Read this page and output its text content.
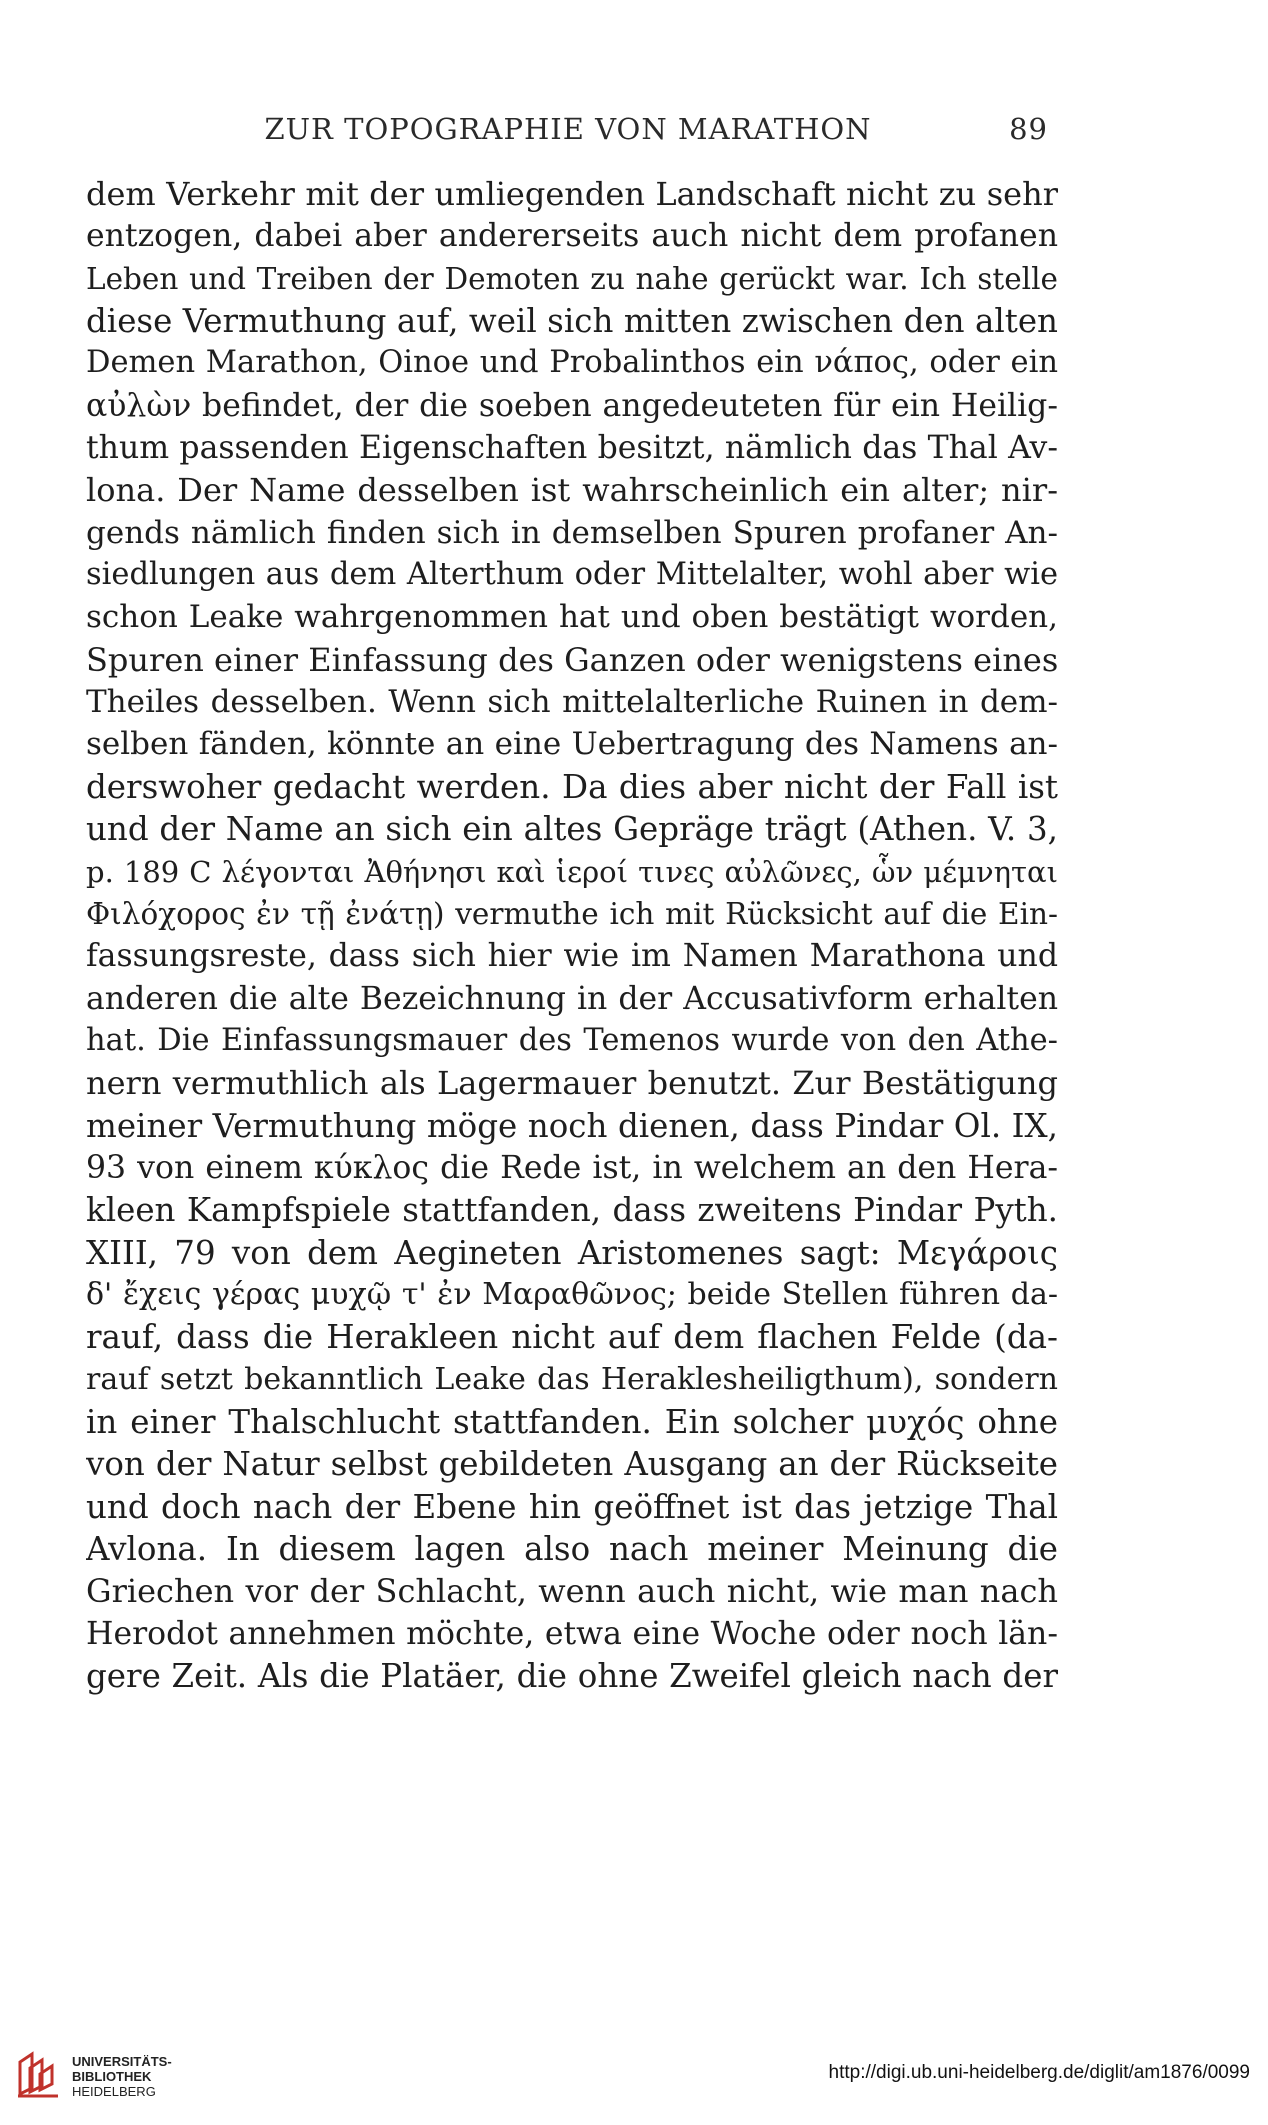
ZUR TOPOGRAPHIE VON MARATHON	89
dem Verkehr mit der umliegenden Landschaft nicht zu sehr
entzogen, dabei aber andererseits auch nicht dem profanen
Leben und Treiben der Demoten zu nahe gerückt war. Ich stelle
diese Vermuthung auf, weil sich mitten zwischen den alten
Demen Marathon, Oinoe und Probalinthos ein νάπος, oder ein
αὐλὼν befindet, der die soeben angedeuteten für ein Heilig-
thum passenden Eigenschaften besitzt, nämlich das Thal Av-
lona. Der Name desselben ist wahrscheinlich ein alter; nir-
gends nämlich finden sich in demselben Spuren profaner An-
siedlungen aus dem Alterthum oder Mittelalter, wohl aber wie
schon Leake wahrgenommen hat und oben bestätigt worden,
Spuren einer Einfassung des Ganzen oder wenigstens eines
Theiles desselben. Wenn sich mittelalterliche Ruinen in dem-
selben fänden, könnte an eine Uebertragung des Namens an-
derswoher gedacht werden. Da dies aber nicht der Fall ist
und der Name an sich ein altes Gepräge trägt (Athen. V. 3,
p. 189 C λέγονται Ἀθήνησι καὶ ἱεροί τινες αὐλῶνες, ὧν μέμνηται
Φιλόχορος ἐν τῇ ἐνάτῃ) vermuthe ich mit Rücksicht auf die Ein-
fassungsreste, dass sich hier wie im Namen Marathona und
anderen die alte Bezeichnung in der Accusativform erhalten
hat. Die Einfassungsmauer des Temenos wurde von den Athe-
nern vermuthlich als Lagermauer benutzt. Zur Bestätigung
meiner Vermuthung möge noch dienen, dass Pindar Ol. IX,
93 von einem κύκλος die Rede ist, in welchem an den Hera-
kleen Kampfspiele stattfanden, dass zweitens Pindar Pyth.
XIII, 79 von dem Aegineten Aristomenes sagt: Μεγάροις
δ' ἔχεις γέρας μυχῷ τ' ἐν Μαραθῶνος; beide Stellen führen da-
rauf, dass die Herakleen nicht auf dem flachen Felde (da-
rauf setzt bekanntlich Leake das Heraklesheiligthum), sondern
in einer Thalschlucht stattfanden. Ein solcher μυχός ohne
von der Natur selbst gebildeten Ausgang an der Rückseite
und doch nach der Ebene hin geöffnet ist das jetzige Thal
Avlona. In diesem lagen also nach meiner Meinung die
Griechen vor der Schlacht, wenn auch nicht, wie man nach
Herodot annehmen möchte, etwa eine Woche oder noch län-
gere Zeit. Als die Platäer, die ohne Zweifel gleich nach der
UNIVERSITÄTS-
BIBLIOTHEK
HEIDELBERG
http://digi.ub.uni-heidelberg.de/diglit/am1876/0099
